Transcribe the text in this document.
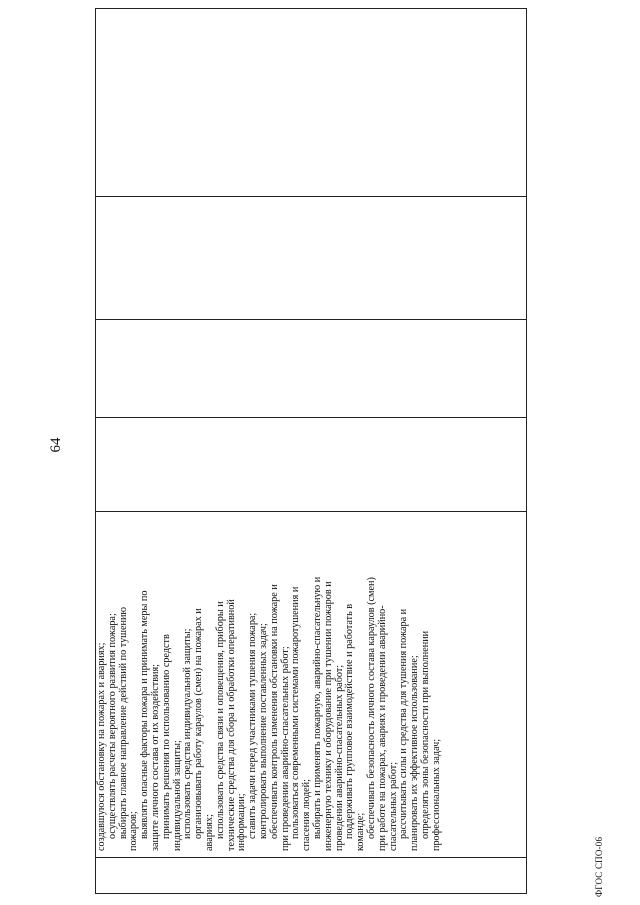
64

создавшуюся обстановку на пожарах и авариях; осуществлять расчеты вероятного развития пожара; выбирать главное направление действий по тушению пожаров; выявлять опасные факторы пожара и принимать меры по защите личного состава от их воздействия; принимать решения по использованию средств индивидуальной защиты; использовать средства индивидуальной защиты; организовывать работу караулов (смен) на пожарах и авариях; использовать средства связи и оповещения, приборы и технические средства для сбора и обработки оперативной информации; ставить задачи перед участниками тушения пожара; контролировать выполнение поставленных задач; обеспечивать контроль изменения обстановки на пожаре и при проведении аварийно-спасательных работ; пользоваться современными системами пожаротушения и спасения людей; выбирать и применять пожарную, аварийно-спасательную и инженерную технику и оборудование при тушении пожаров и проведении аварийно-спасательных работ; поддерживать групповое взаимодействие и работать в команде; обеспечивать безопасность личного состава караулов (смен) при работе на пожарах, авариях и проведении аварийно- спасательных работ; рассчитывать силы и средства для тушения пожара и планировать их эффективное использование; определять зоны безопасности при выполнении профессиональных задач;

ФГОС СПО-06
